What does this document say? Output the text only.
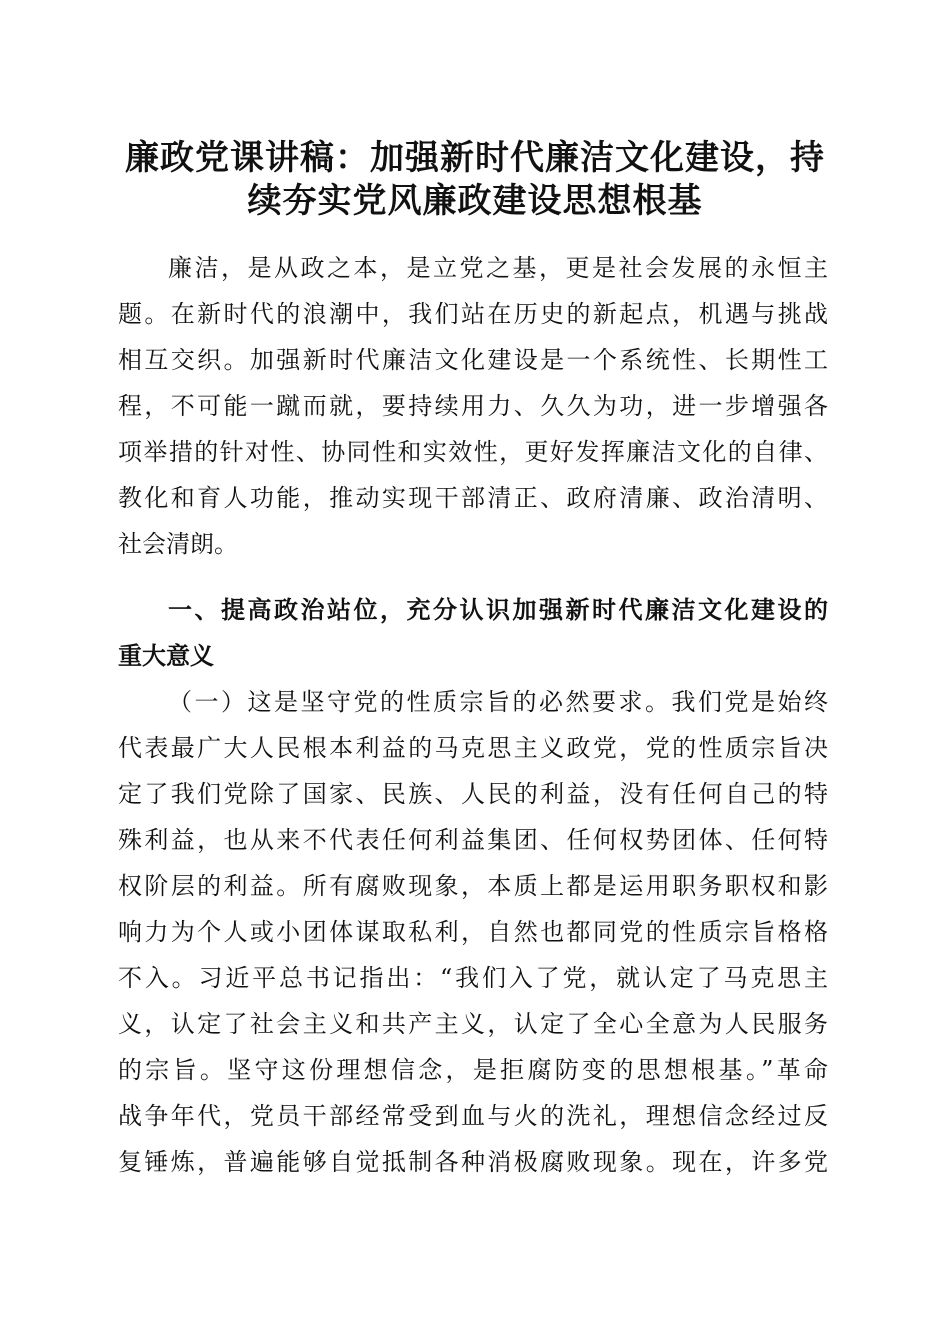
廉政党课讲稿：加强新时代廉洁文化建设，持
续夯实党风廉政建设思想根基
廉洁，是从政之本，是立党之基，更是社会发展的永恒主
题。在新时代的浪潮中，我们站在历史的新起点，机遇与挑战
相互交织。加强新时代廉洁文化建设是一个系统性、长期性工
程，不可能一蹴而就，要持续用力、久久为功，进一步增强各
项举措的针对性、协同性和实效性，更好发挥廉洁文化的自律、
教化和育人功能，推动实现干部清正、政府清廉、政治清明、
社会清朗。
一、提高政治站位，充分认识加强新时代廉洁文化建设的
重大意义
（一）这是坚守党的性质宗旨的必然要求。我们党是始终
代表最广大人民根本利益的马克思主义政党，党的性质宗旨决
定了我们党除了国家、民族、人民的利益，没有任何自己的特
殊利益，也从来不代表任何利益集团、任何权势团体、任何特
权阶层的利益。所有腐败现象，本质上都是运用职务职权和影
响力为个人或小团体谋取私利，自然也都同党的性质宗旨格格
不入。习近平总书记指出：“我们入了党，就认定了马克思主
义，认定了社会主义和共产主义，认定了全心全意为人民服务
的宗旨。坚守这份理想信念，是拒腐防变的思想根基。”革命
战争年代，党员干部经常受到血与火的洗礼，理想信念经过反
复锤炼，普遍能够自觉抵制各种消极腐败现象。现在，许多党
